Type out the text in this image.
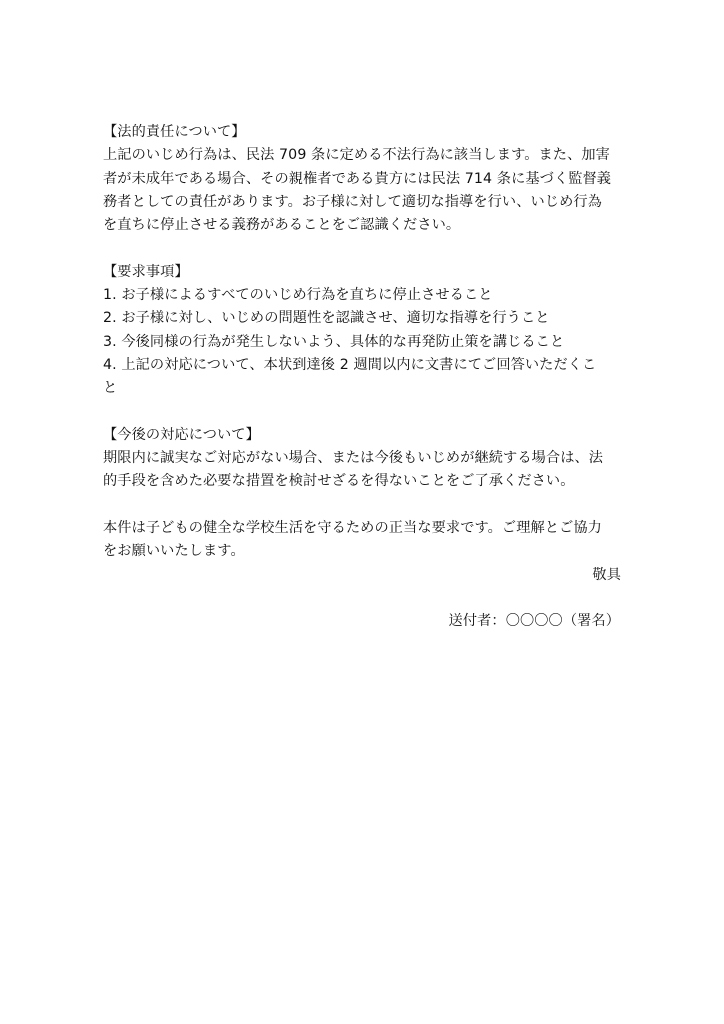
【法的責任について】
上記のいじめ行為は、民法 709 条に定める不法行為に該当します。また、加害
者が未成年である場合、その親権者である貴方には民法 714 条に基づく監督義
務者としての責任があります。お子様に対して適切な指導を行い、いじめ行為
を直ちに停止させる義務があることをご認識ください。
【要求事項】
1. お子様によるすべてのいじめ行為を直ちに停止させること
2. お子様に対し、いじめの問題性を認識させ、適切な指導を行うこと
3. 今後同様の行為が発生しないよう、具体的な再発防止策を講じること
4. 上記の対応について、本状到達後 2 週間以内に文書にてご回答いただくこ
と
【今後の対応について】
期限内に誠実なご対応がない場合、または今後もいじめが継続する場合は、法
的手段を含めた必要な措置を検討せざるを得ないことをご了承ください。
本件は子どもの健全な学校生活を守るための正当な要求です。ご理解とご協力
をお願いいたします。
敬具
送付者：〇〇〇〇（署名）
